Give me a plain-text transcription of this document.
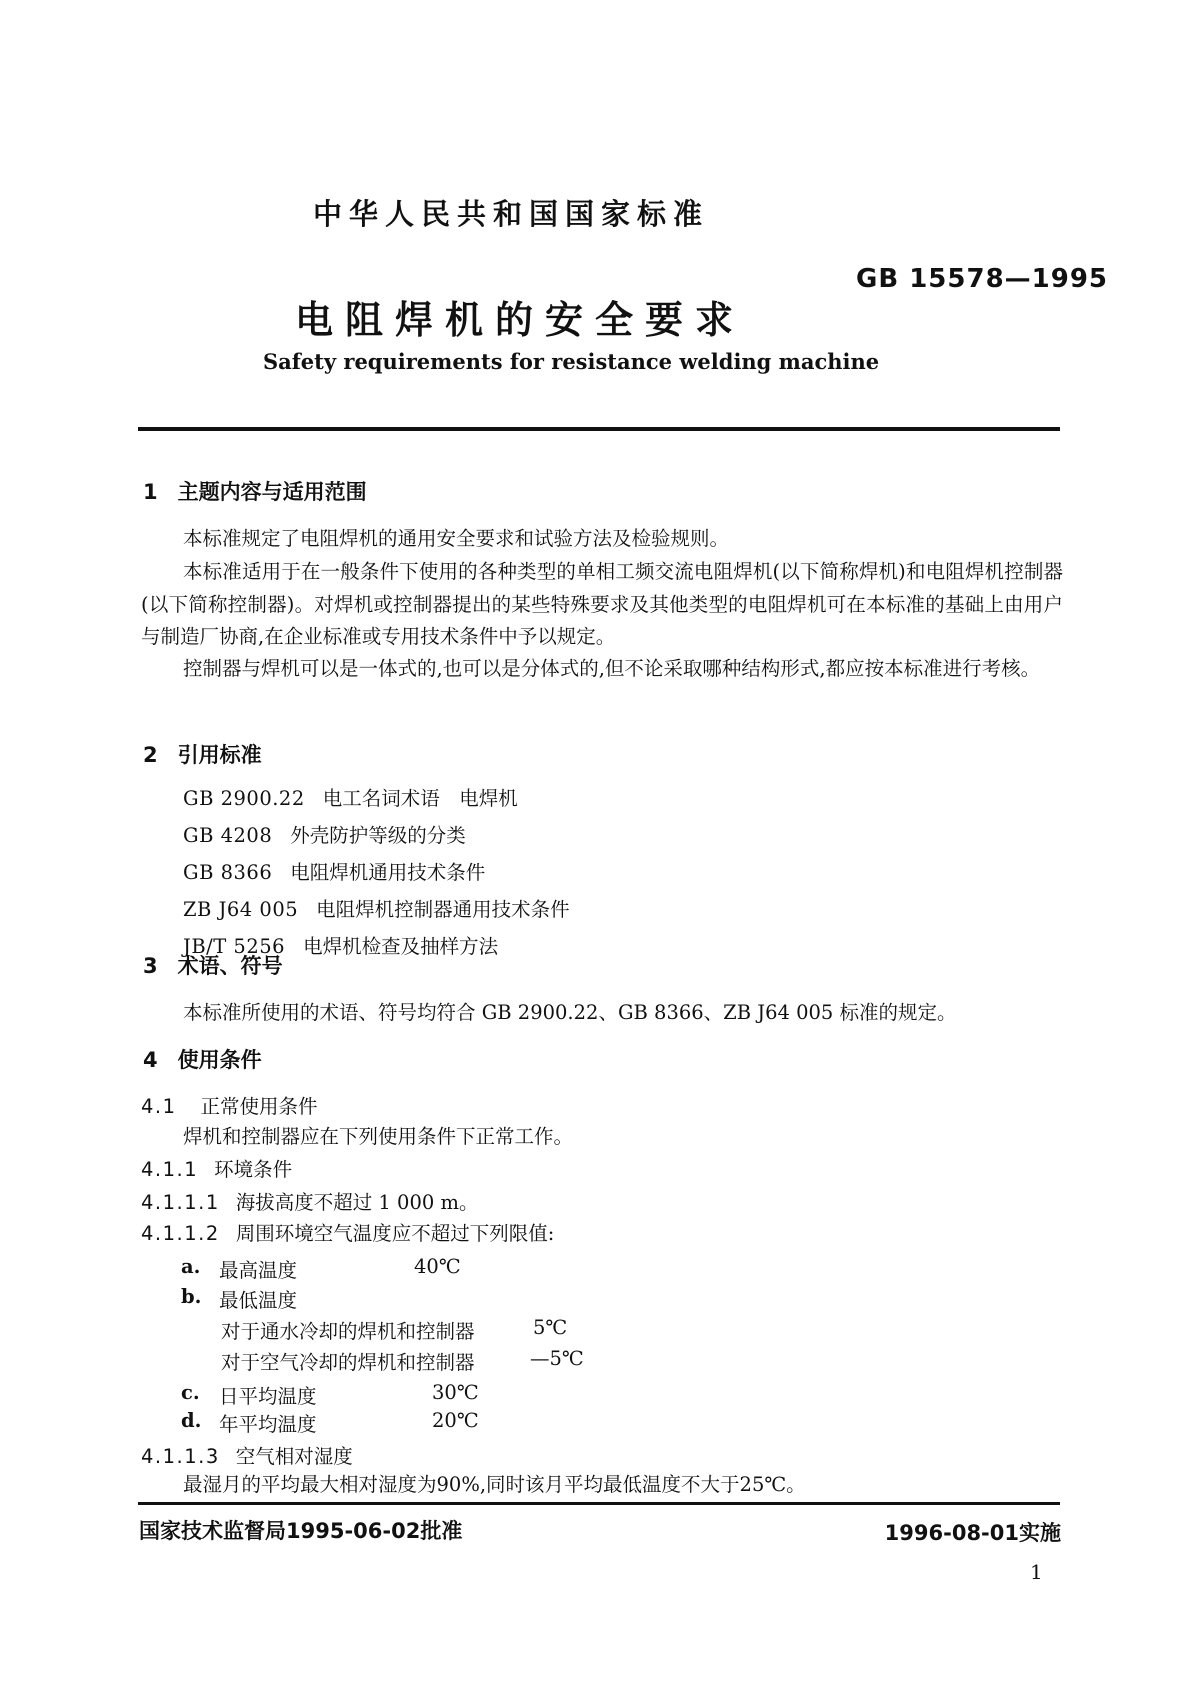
中华人民共和国国家标准
GB 15578—1995
电阻焊机的安全要求
Safety requirements for resistance welding machine
1 主题内容与适用范围
本标准规定了电阻焊机的通用安全要求和试验方法及检验规则。
本标准适用于在一般条件下使用的各种类型的单相工频交流电阻焊机(以下简称焊机)和电阻焊机控制器(以下简称控制器)。对焊机或控制器提出的某些特殊要求及其他类型的电阻焊机可在本标准的基础上由用户与制造厂协商,在企业标准或专用技术条件中予以规定。
控制器与焊机可以是一体式的,也可以是分体式的,但不论采取哪种结构形式,都应按本标准进行考核。
2 引用标准
GB 2900.22 电工名词术语　电焊机
GB 4208 外壳防护等级的分类
GB 8366 电阻焊机通用技术条件
ZB J64 005 电阻焊机控制器通用技术条件
JB/T 5256 电焊机检查及抽样方法
3 术语、符号
本标准所使用的术语、符号均符合 GB 2900.22、GB 8366、ZB J64 005 标准的规定。
4 使用条件
4.1 正常使用条件
焊机和控制器应在下列使用条件下正常工作。
4.1.1 环境条件
4.1.1.1 海拔高度不超过 1 000 m。
4.1.1.2 周围环境空气温度应不超过下列限值:
a. 最高温度	40℃
b. 最低温度
对于通水冷却的焊机和控制器	5℃
对于空气冷却的焊机和控制器	—5℃
c. 日平均温度	30℃
d. 年平均温度	20℃
4.1.1.3 空气相对湿度
最湿月的平均最大相对湿度为90%,同时该月平均最低温度不大于25℃。
国家技术监督局1995-06-02批准	1996-08-01实施
1
